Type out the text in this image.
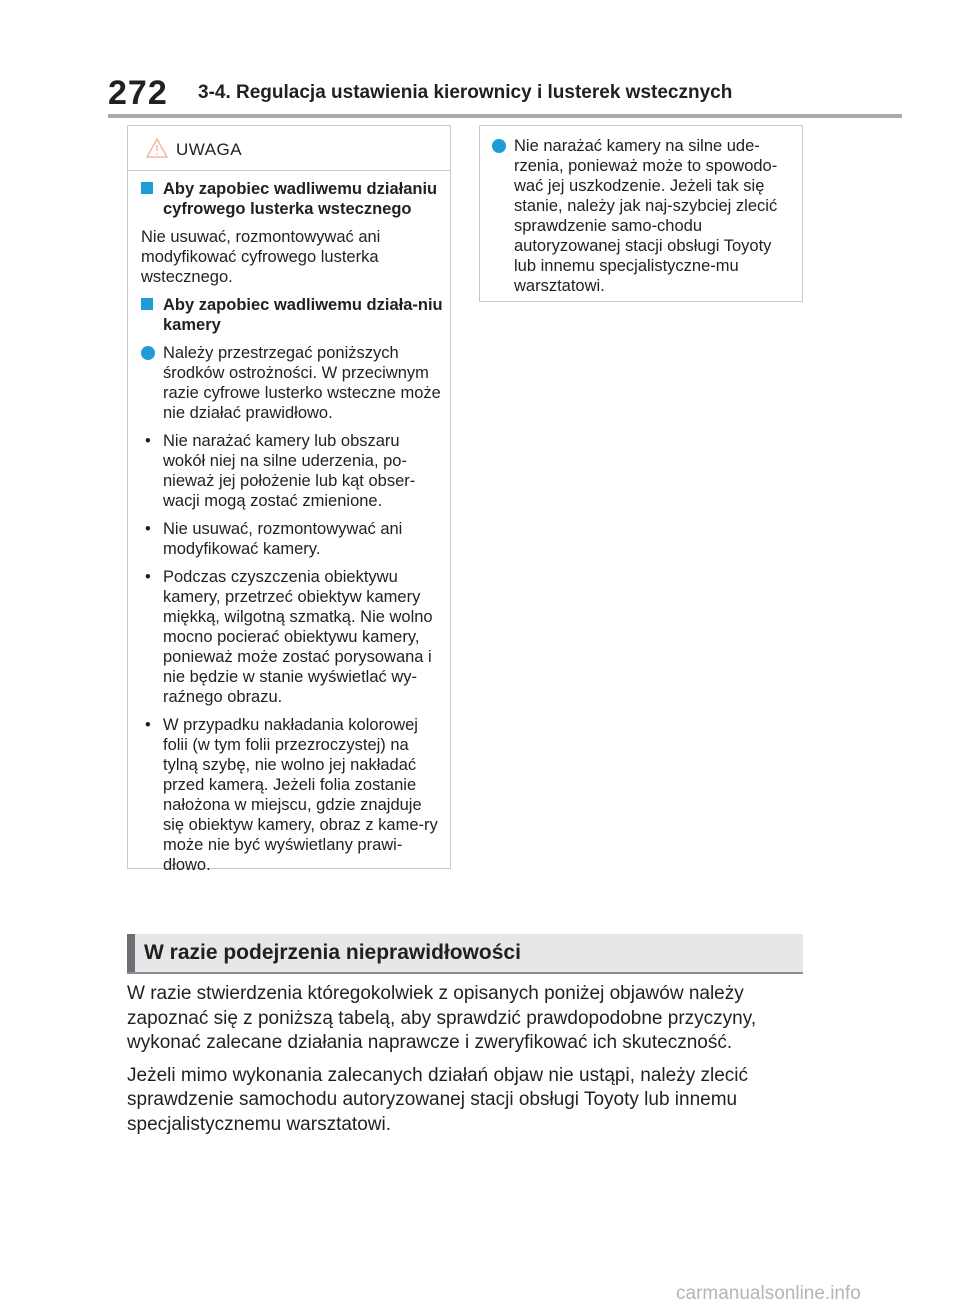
272 3-4. Regulacja ustawienia kierownicy i lusterek wstecznych
UWAGA
Aby zapobiec wadliwemu działaniu cyfrowego lusterka wstecznego

Nie usuwać, rozmontowywać ani modyfikować cyfrowego lusterka wstecznego.

Aby zapobiec wadliwemu działa-niu kamery
Należy przestrzegać poniższych środków ostrożności. W przeciwnym razie cyfrowe lusterko wsteczne może nie działać prawidłowo.
• Nie narażać kamery lub obszaru wokół niej na silne uderzenia, po-nieważ jej położenie lub kąt obser-wacji mogą zostać zmienione.
• Nie usuwać, rozmontowywać ani modyfikować kamery.
• Podczas czyszczenia obiektywu kamery, przetrzeć obiektyw kamery miękką, wilgotną szmatką. Nie wolno mocno pocierać obiektywu kamery, ponieważ może zostać porysowana i nie będzie w stanie wyświetlać wy-raźnego obrazu.
• W przypadku nakładania kolorowej folii (w tym folii przezroczystej) na tylną szybę, nie wolno jej nakładać przed kamerą. Jeżeli folia zostanie nałożona w miejscu, gdzie znajduje się obiektyw kamery, obraz z kame-ry może nie być wyświetlany prawi-dłowo.
Nie narażać kamery na silne ude-rzenia, ponieważ może to spowodo-wać jej uszkodzenie. Jeżeli tak się stanie, należy jak naj-szybciej zlecić sprawdzenie samo-chodu autoryzowanej stacji obsługi Toyoty lub innemu specjalistyczne-mu warsztatowi.
W razie podejrzenia nieprawidłowości

W razie stwierdzenia któregokolwiek z opisanych poniżej objawów należy zapoznać się z poniższą tabelą, aby sprawdzić prawdopodobne przyczyny, wykonać zalecane działania naprawcze i zweryfikować ich skuteczność.

Jeżeli mimo wykonania zalecanych działań objaw nie ustąpi, należy zlecić sprawdzenie samochodu autoryzowanej stacji obsługi Toyoty lub innemu specjalistycznemu warsztatowi.

carmanualsonline.info
